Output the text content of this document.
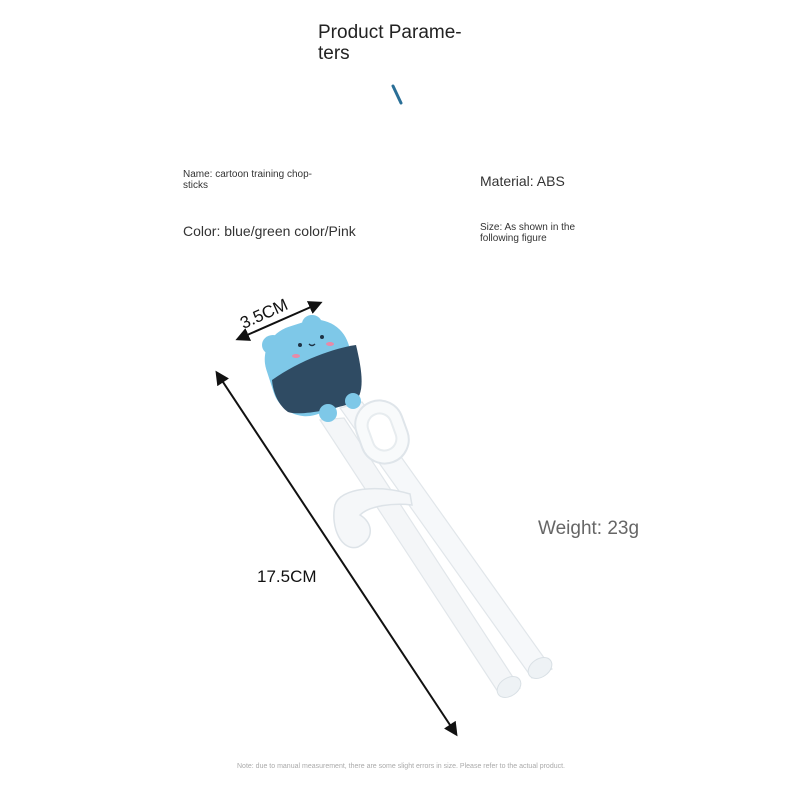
Product Parame-ters
Name: cartoon training chop-sticks	Material: ABS
Color: blue/green color/Pink	Size: As shown in the following figure
Weight: 23g
3.5CM
17.5CM
Note: due to manual measurement, there are some slight errors in size. Please refer to the actual product.
